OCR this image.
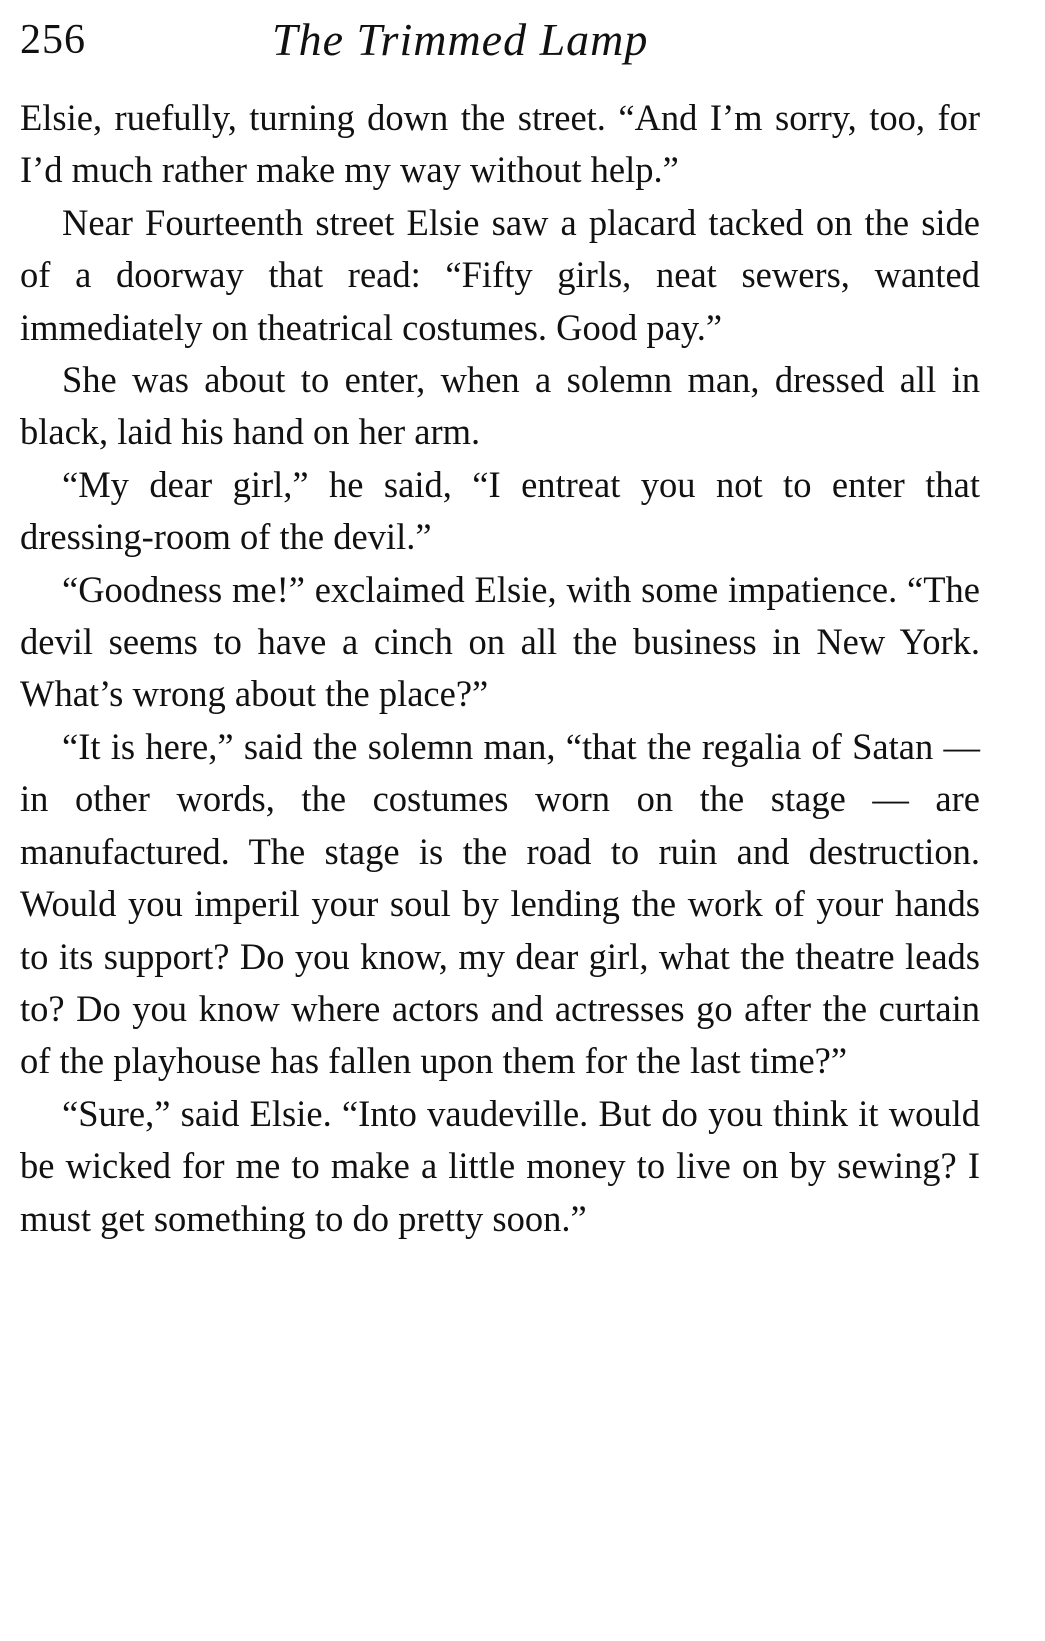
256	The Trimmed Lamp

Elsie, ruefully, turning down the street. “And I’m sorry, too, for I’d much rather make my way without help.”

Near Fourteenth street Elsie saw a placard tacked on the side of a doorway that read: “Fifty girls, neat sewers, wanted immediately on theatrical costumes. Good pay.”

She was about to enter, when a solemn man, dressed all in black, laid his hand on her arm.

“My dear girl,” he said, “I entreat you not to enter that dressing-room of the devil.”

“Goodness me!” exclaimed Elsie, with some impatience. “The devil seems to have a cinch on all the business in New York. What’s wrong about the place?”

“It is here,” said the solemn man, “that the regalia of Satan — in other words, the costumes worn on the stage — are manufactured. The stage is the road to ruin and destruction. Would you imperil your soul by lending the work of your hands to its support? Do you know, my dear girl, what the theatre leads to? Do you know where actors and actresses go after the curtain of the playhouse has fallen upon them for the last time?”

“Sure,” said Elsie. “Into vaudeville. But do you think it would be wicked for me to make a little money to live on by sewing? I must get something to do pretty soon.”
